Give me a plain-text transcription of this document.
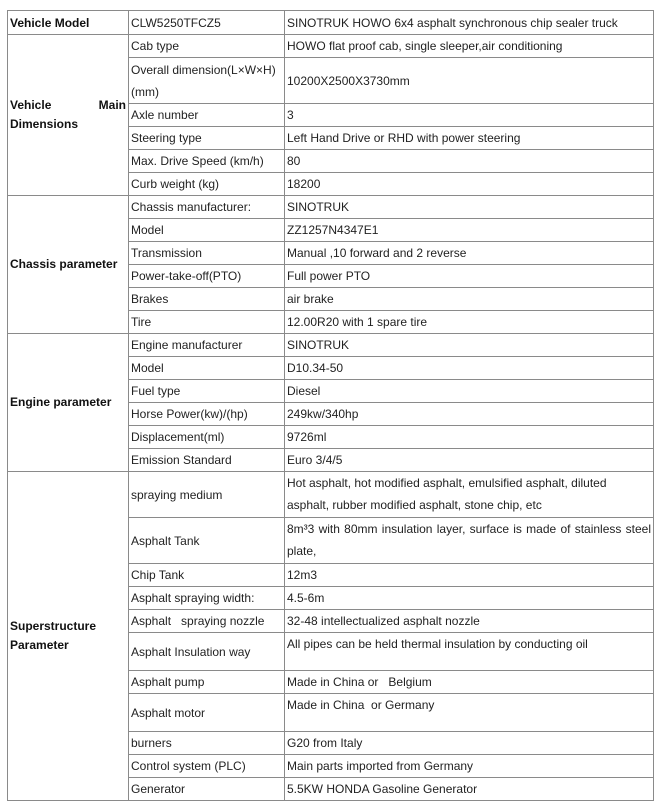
Vehicle Model	CLW5250TFCZ5	SINOTRUK HOWO 6x4 asphalt synchronous chip sealer truck
Vehicle Main Dimensions	Cab type	HOWO flat proof cab, single sleeper,air conditioning
	Overall dimension(L×W×H)(mm)	10200X2500X3730mm
	Axle number	3
	Steering type	Left Hand Drive or RHD with power steering
	Max. Drive Speed (km/h)	80
	Curb weight (kg)	18200
Chassis parameter	Chassis manufacturer:	SINOTRUK
	Model	ZZ1257N4347E1
	Transmission	Manual ,10 forward and 2 reverse
	Power-take-off(PTO)	Full power PTO
	Brakes	air brake
	Tire	12.00R20 with 1 spare tire
Engine parameter	Engine manufacturer	SINOTRUK
	Model	D10.34-50
	Fuel type	Diesel
	Horse Power(kw)/(hp)	249kw/340hp
	Displacement(ml)	9726ml
	Emission Standard	Euro 3/4/5
Superstructure Parameter	spraying medium	Hot asphalt, hot modified asphalt, emulsified asphalt, diluted asphalt, rubber modified asphalt, stone chip, etc
	Asphalt Tank	8m³3 with 80mm insulation layer, surface is made of stainless steel plate,
	Chip Tank	12m3
	Asphalt spraying width:	4.5-6m
	Asphalt   spraying nozzle	32-48 intellectualized asphalt nozzle
	Asphalt Insulation way	All pipes can be held thermal insulation by conducting oil
	Asphalt pump	Made in China or   Belgium
	Asphalt motor	Made in China  or Germany
	burners	G20 from Italy
	Control system (PLC)	Main parts imported from Germany
	Generator	5.5KW HONDA Gasoline Generator
